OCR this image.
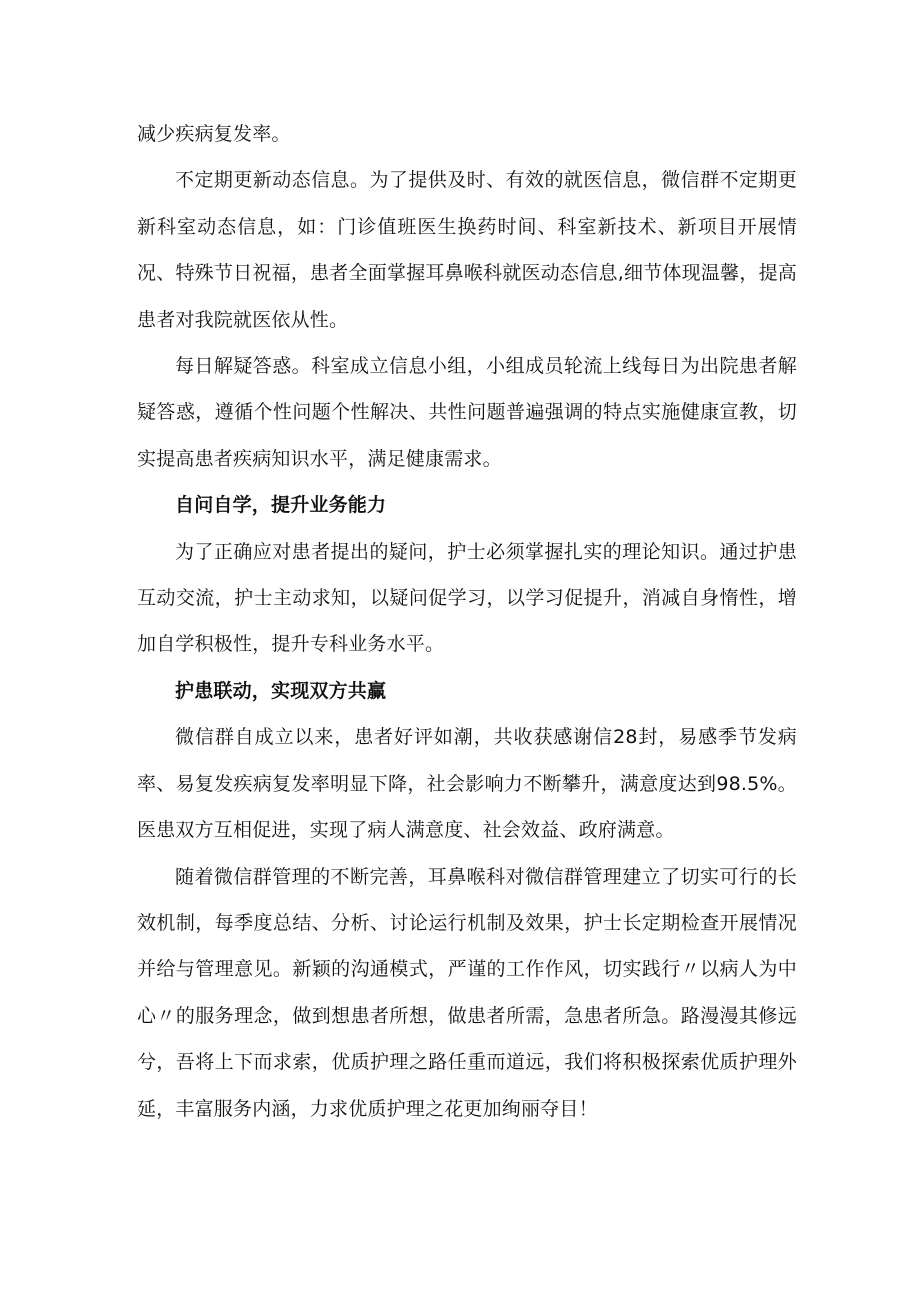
减少疾病复发率。

不定期更新动态信息。为了提供及时、有效的就医信息，微信群不定期更新科室动态信息，如：门诊值班医生换药时间、科室新技术、新项目开展情况、特殊节日祝福，患者全面掌握耳鼻喉科就医动态信息,细节体现温馨，提高患者对我院就医依从性。

每日解疑答惑。科室成立信息小组，小组成员轮流上线每日为出院患者解疑答惑，遵循个性问题个性解决、共性问题普遍强调的特点实施健康宣教，切实提高患者疾病知识水平，满足健康需求。

自问自学，提升业务能力

为了正确应对患者提出的疑问，护士必须掌握扎实的理论知识。通过护患互动交流，护士主动求知，以疑问促学习，以学习促提升，消减自身惰性，增加自学积极性，提升专科业务水平。

护患联动，实现双方共赢

微信群自成立以来，患者好评如潮，共收获感谢信28封，易感季节发病率、易复发疾病复发率明显下降，社会影响力不断攀升，满意度达到98.5%。医患双方互相促进，实现了病人满意度、社会效益、政府满意。

随着微信群管理的不断完善，耳鼻喉科对微信群管理建立了切实可行的长效机制，每季度总结、分析、讨论运行机制及效果，护士长定期检查开展情况并给与管理意见。新颖的沟通模式，严谨的工作作风，切实践行〃以病人为中心〃的服务理念，做到想患者所想，做患者所需，急患者所急。路漫漫其修远兮，吾将上下而求索，优质护理之路任重而道远，我们将积极探索优质护理外延，丰富服务内涵，力求优质护理之花更加绚丽夺目！
